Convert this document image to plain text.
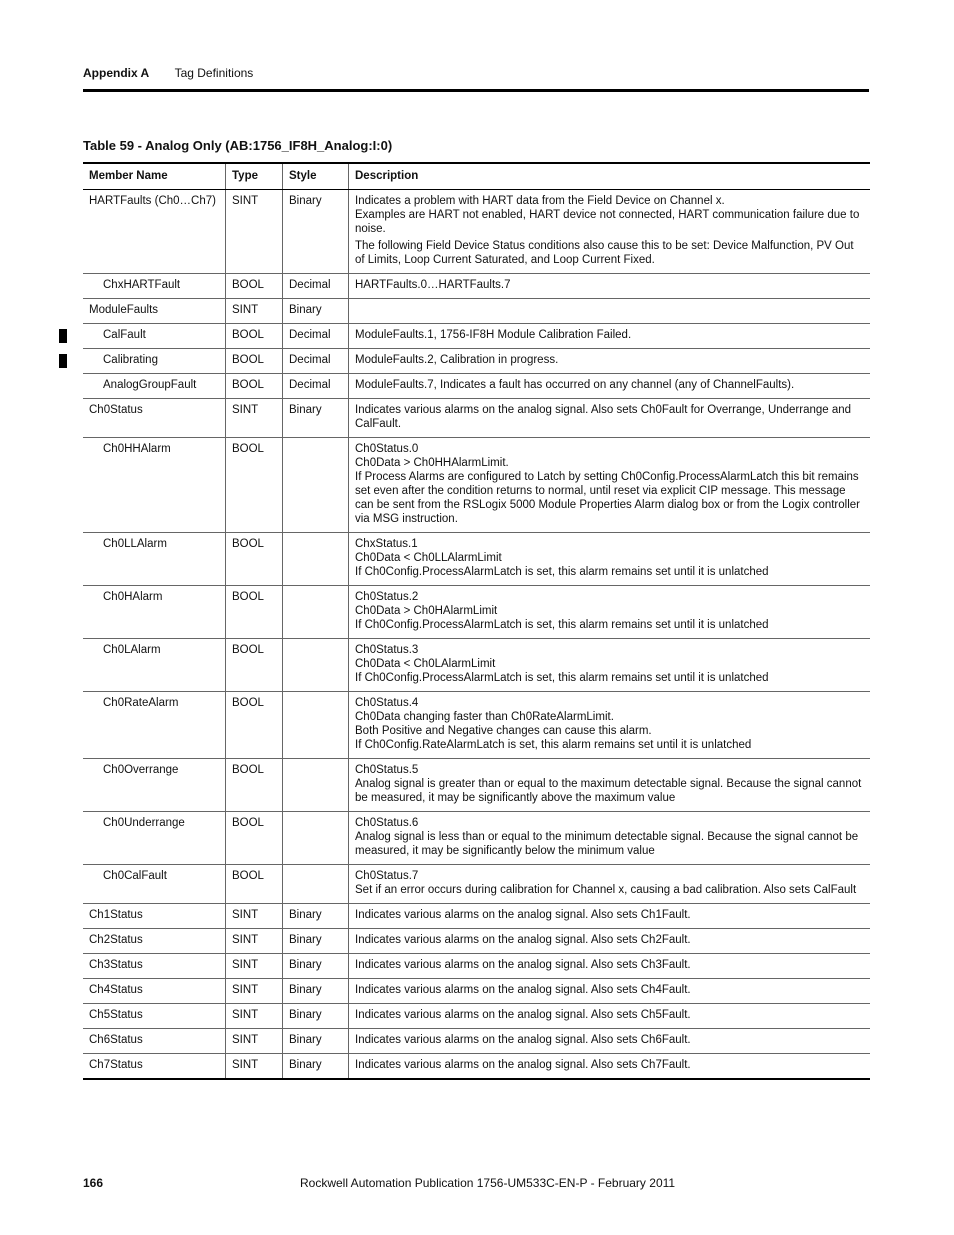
Appendix A Tag Definitions
Table 59 - Analog Only (AB:1756_IF8H_Analog:I:0)
Member Name	Type	Style	Description
HARTFaults (Ch0…Ch7)	SINT	Binary	Indicates a problem with HART data from the Field Device on Channel x.
Examples are HART not enabled, HART device not connected, HART communication failure due to noise.
The following Field Device Status conditions also cause this to be set: Device Malfunction, PV Out of Limits, Loop Current Saturated, and Loop Current Fixed.

ChxHARTFault	BOOL	Decimal	HARTFaults.0…HARTFaults.7

ModuleFaults	SINT	Binary	
CalFault	BOOL	Decimal	ModuleFaults.1, 1756-IF8H Module Calibration Failed.

Calibrating	BOOL	Decimal	ModuleFaults.2, Calibration in progress.

AnalogGroupFault	BOOL	Decimal	ModuleFaults.7, Indicates a fault has occurred on any channel (any of ChannelFaults).

Ch0Status	SINT	Binary	Indicates various alarms on the analog signal. Also sets Ch0Fault for Overrange, Underrange and CalFault.

Ch0HHAlarm	BOOL		Ch0Status.0
Ch0Data > Ch0HHAlarmLimit.
If Process Alarms are configured to Latch by setting Ch0Config.ProcessAlarmLatch this bit remains set even after the condition returns to normal, until reset via explicit CIP message. This message can be sent from the RSLogix 5000 Module Properties Alarm dialog box or from the Logix controller via MSG instruction.

Ch0LLAlarm	BOOL		ChxStatus.1
Ch0Data < Ch0LLAlarmLimit
If Ch0Config.ProcessAlarmLatch is set, this alarm remains set until it is unlatched

Ch0HAlarm	BOOL		Ch0Status.2
Ch0Data > Ch0HAlarmLimit
If Ch0Config.ProcessAlarmLatch is set, this alarm remains set until it is unlatched

Ch0LAlarm	BOOL		Ch0Status.3
Ch0Data < Ch0LAlarmLimit
If Ch0Config.ProcessAlarmLatch is set, this alarm remains set until it is unlatched

Ch0RateAlarm	BOOL		Ch0Status.4
Ch0Data changing faster than Ch0RateAlarmLimit.
Both Positive and Negative changes can cause this alarm.
If Ch0Config.RateAlarmLatch is set, this alarm remains set until it is unlatched

Ch0Overrange	BOOL		Ch0Status.5
Analog signal is greater than or equal to the maximum detectable signal. Because the signal cannot be measured, it may be significantly above the maximum value

Ch0Underrange	BOOL		Ch0Status.6
Analog signal is less than or equal to the minimum detectable signal. Because the signal cannot be measured, it may be significantly below the minimum value

Ch0CalFault	BOOL		Ch0Status.7
Set if an error occurs during calibration for Channel x, causing a bad calibration. Also sets CalFault

Ch1Status	SINT	Binary	Indicates various alarms on the analog signal. Also sets Ch1Fault.

Ch2Status	SINT	Binary	Indicates various alarms on the analog signal. Also sets Ch2Fault.

Ch3Status	SINT	Binary	Indicates various alarms on the analog signal. Also sets Ch3Fault.

Ch4Status	SINT	Binary	Indicates various alarms on the analog signal. Also sets Ch4Fault.

Ch5Status	SINT	Binary	Indicates various alarms on the analog signal. Also sets Ch5Fault.

Ch6Status	SINT	Binary	Indicates various alarms on the analog signal. Also sets Ch6Fault.

Ch7Status	SINT	Binary	Indicates various alarms on the analog signal. Also sets Ch7Fault.
166	Rockwell Automation Publication 1756-UM533C-EN-P - February 2011
